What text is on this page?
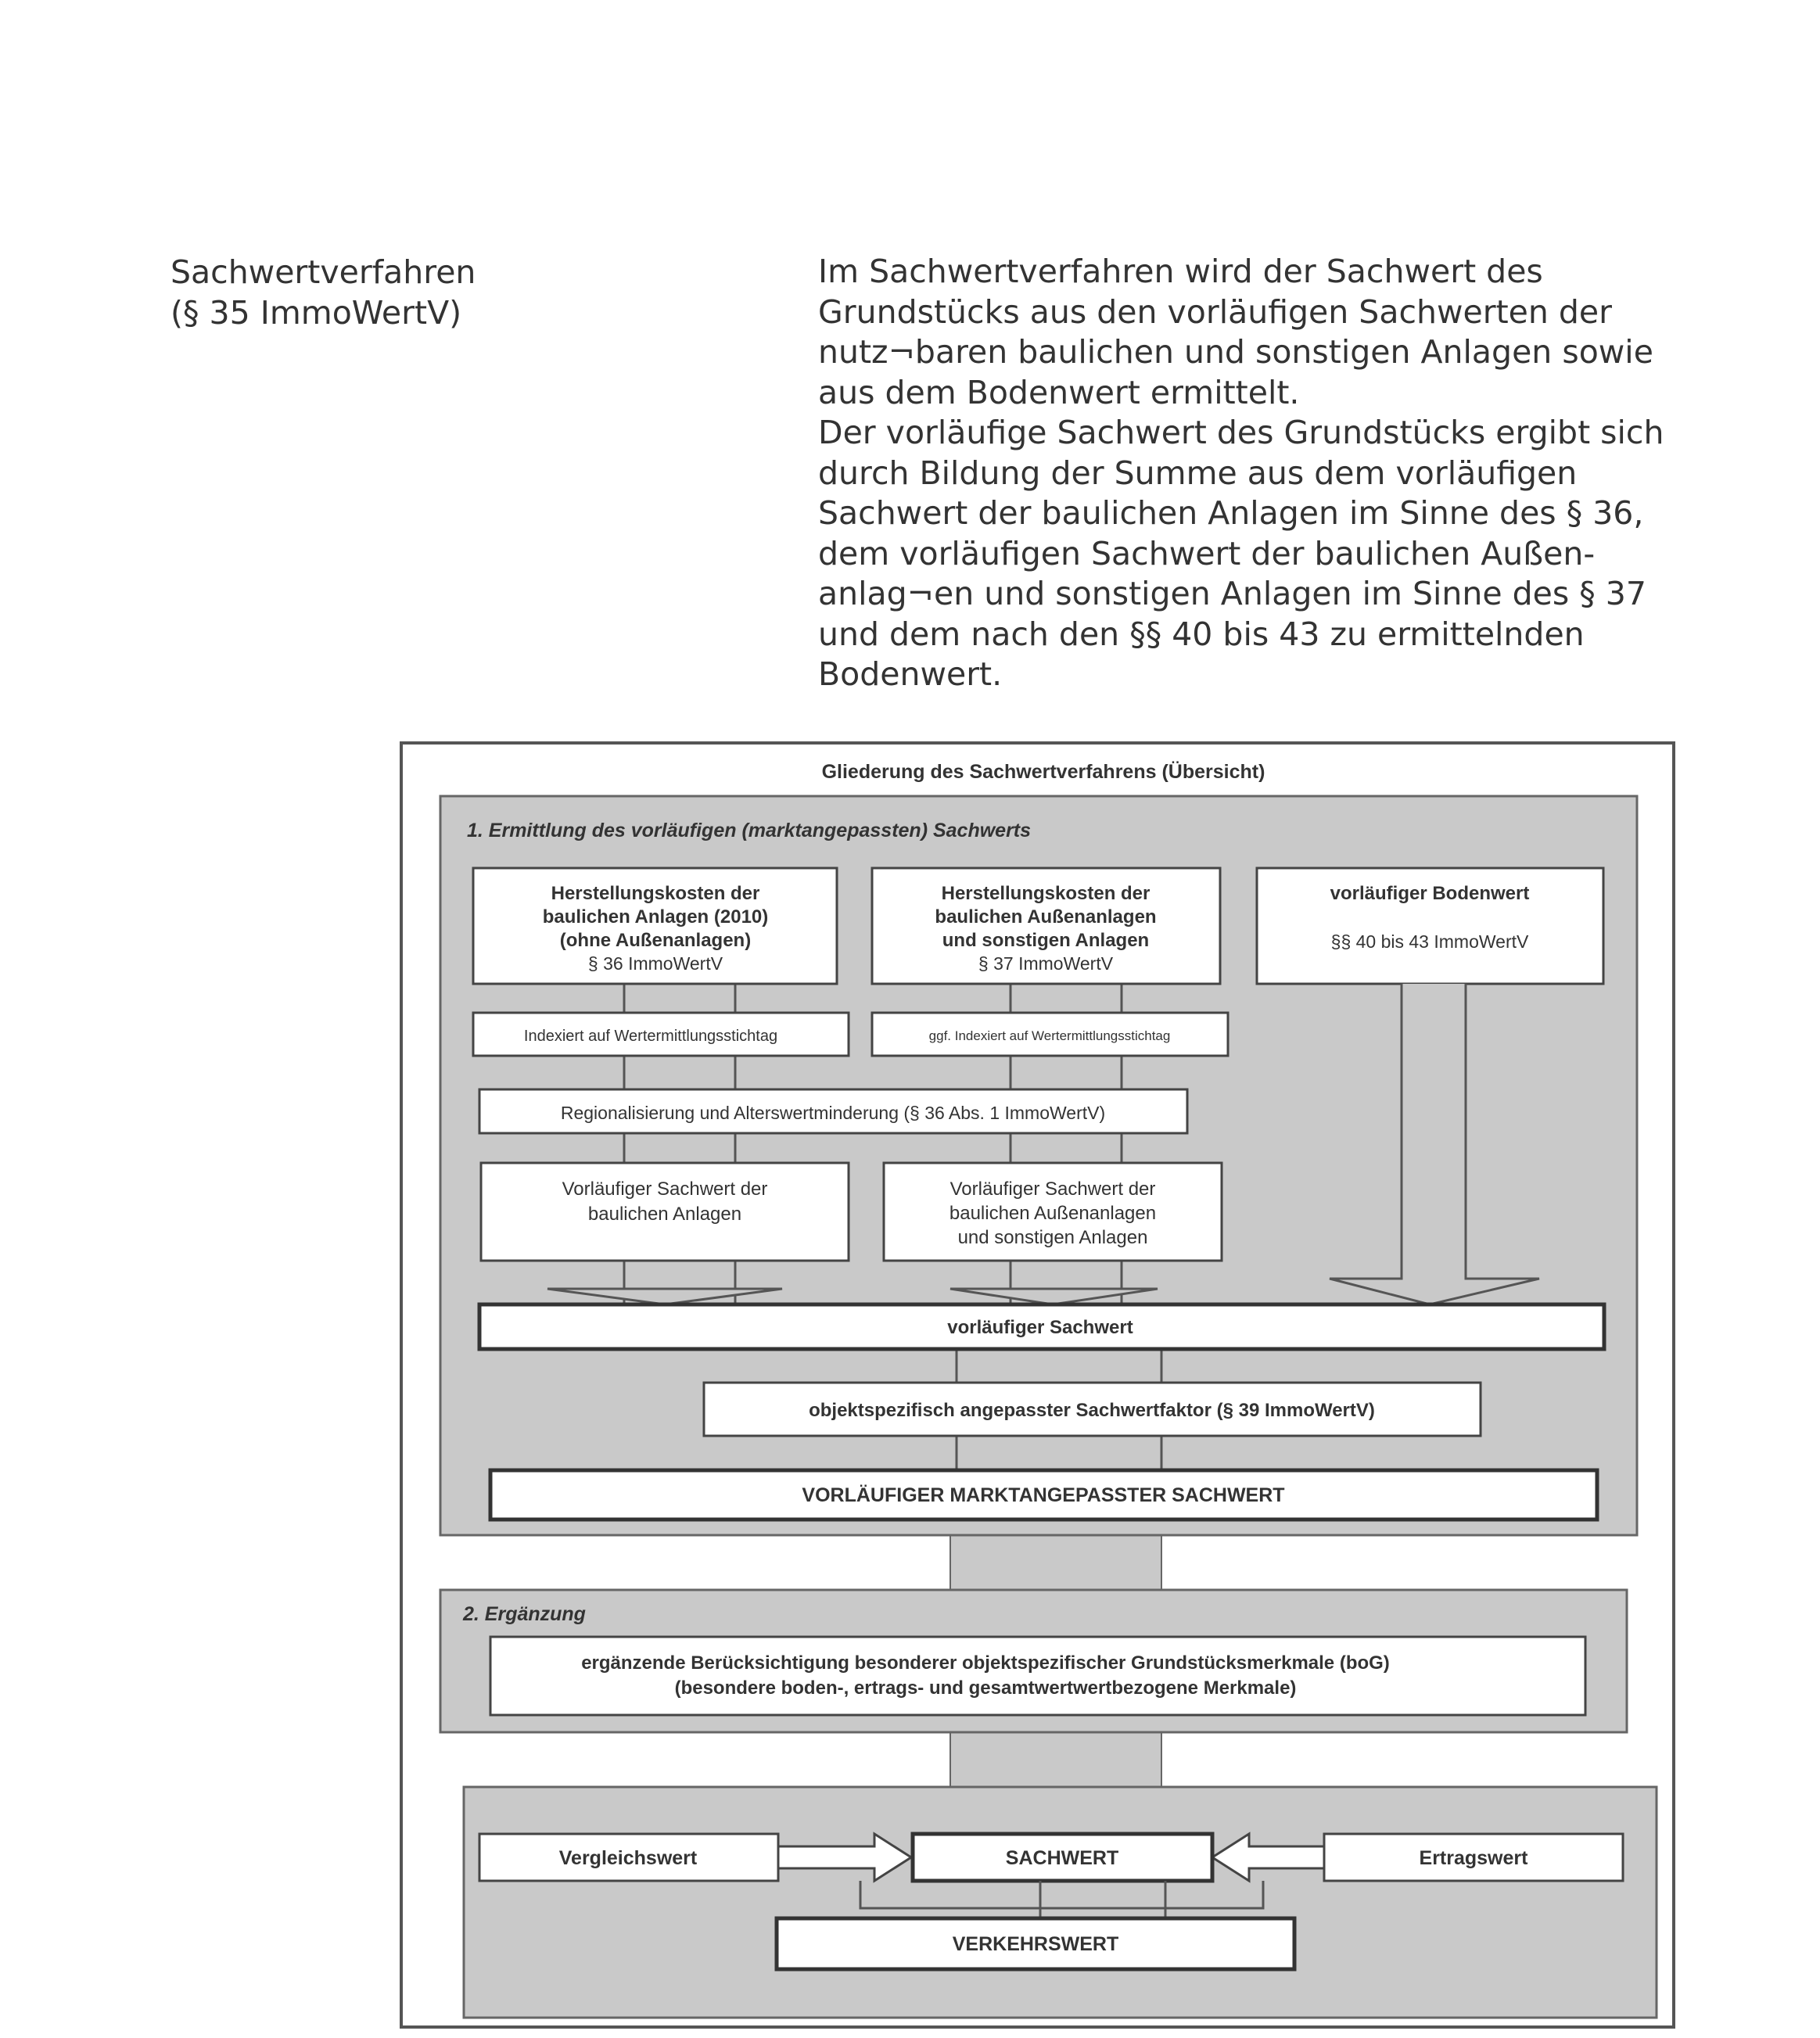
Sachwertverfahren
(§ 35 ImmoWertV)
Im Sachwertverfahren wird der Sachwert des
Grundstücks aus den vorläufigen Sachwerten der
nutz¬baren baulichen und sonstigen Anlagen sowie
aus dem Bodenwert ermittelt.
Der vorläufige Sachwert des Grundstücks ergibt sich
durch Bildung der Summe aus dem vorläufigen
Sachwert der baulichen Anlagen im Sinne des § 36,
dem vorläufigen Sachwert der baulichen Außen-
anlag¬en und sonstigen Anlagen im Sinne des § 37
und dem nach den §§ 40 bis 43 zu ermittelnden
Bodenwert.
Gliederung des Sachwertverfahrens (Übersicht)
1. Ermittlung des vorläufigen (marktangepassten) Sachwerts
Herstellungskosten der
baulichen Anlagen (2010)
(ohne Außenanlagen)
§ 36 ImmoWertV
Herstellungskosten der
baulichen Außenanlagen
und sonstigen Anlagen
§ 37 ImmoWertV
vorläufiger Bodenwert
§§ 40 bis 43 ImmoWertV
Indexiert auf Wertermittlungsstichtag	ggf. Indexiert auf Wertermittlungsstichtag
Regionalisierung und Alterswertminderung (§ 36 Abs. 1 ImmoWertV)
Vorläufiger Sachwert der
baulichen Anlagen
Vorläufiger Sachwert der
baulichen Außenanlagen
und sonstigen Anlagen
vorläufiger Sachwert
objektspezifisch angepasster Sachwertfaktor (§ 39 ImmoWertV)
VORLÄUFIGER MARKTANGEPASSTER SACHWERT
2. Ergänzung
ergänzende Berücksichtigung besonderer objektspezifischer Grundstücksmerkmale (boG)
(besondere boden-, ertrags- und gesamtwertwertbezogene Merkmale)
Vergleichswert	SACHWERT	Ertragswert
VERKEHRSWERT
